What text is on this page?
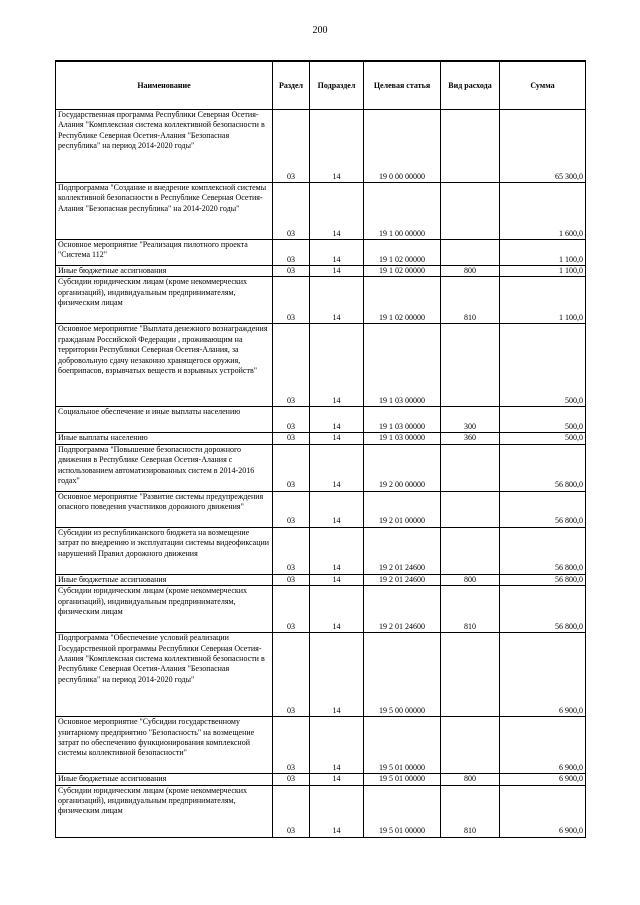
200
Наименование	Раздел	Подраздел	Целевая статья	Вид расхода	Сумма
Государственная программа Республики Северная Осетия-Алания "Комплексная система коллективной безопасности в Республике Северная Осетия-Алания "Безопасная республика" на период 2014-2020 годы"	03	14	19 0 00 00000		65 300,0
Подпрограмма "Создание и внедрение комплексной системы коллективной безопасности в Республике Северная Осетия-Алания "Безопасная республика" на 2014-2020 годы"	03	14	19 1 00 00000		1 600,0
Основное мероприятие "Реализация пилотного проекта "Система 112"	03	14	19 1 02 00000		1 100,0
Иные бюджетные ассигнования	03	14	19 1 02 00000	800	1 100,0
Субсидии юридическим лицам (кроме некоммерческих организаций), индивидуальным предпринимателям, физическим лицам	03	14	19 1 02 00000	810	1 100,0
Основное мероприятие "Выплата денежного вознаграждения гражданам Российской Федерации , проживающим на территории Республики Северная Осетия-Алания, за добровольную сдачу незаконно хранящегося оружия, боеприпасов, взрывчатых веществ и взрывных устройств"	03	14	19 1 03 00000		500,0
Социальное обеспечение и иные выплаты населению	03	14	19 1 03 00000	300	500,0
Иные выплаты населению	03	14	19 1 03 00000	360	500,0
Подпрограмма "Повышение безопасности дорожного движения в Республике Северная Осетия-Алания с использованием автоматизированных систем в 2014-2016 годах"	03	14	19 2 00 00000		56 800,0
Основное мероприятие "Развитие системы предупреждения опасного поведения участников дорожного движения"	03	14	19 2 01 00000		56 800,0
Субсидии из республиканского бюджета на возмещение затрат по внедрению и эксплуатации системы видеофиксации нарушений Правил дорожного движения	03	14	19 2 01 24600		56 800,0
Иные бюджетные ассигнования	03	14	19 2 01 24600	800	56 800,0
Субсидии юридическим лицам (кроме некоммерческих организаций), индивидуальным предпринимателям, физическим лицам	03	14	19 2 01 24600	810	56 800,0
Подпрограмма "Обеспечение условий реализации Государственной программы Республики Северная Осетия-Алания "Комплексная система коллективной безопасности в Республике Северная Осетия-Алания "Безопасная республика" на период 2014-2020 годы"	03	14	19 5 00 00000		6 900,0
Основное мероприятие "Субсидии государственному унитарному предприятию "Безопасность" на возмещение затрат по обеспечению функционирования комплексной системы коллективной безопасности"	03	14	19 5 01 00000		6 900,0
Иные бюджетные ассигнования	03	14	19 5 01 00000	800	6 900,0
Субсидии юридическим лицам (кроме некоммерческих организаций), индивидуальным предпринимателям, физическим лицам	03	14	19 5 01 00000	810	6 900,0
